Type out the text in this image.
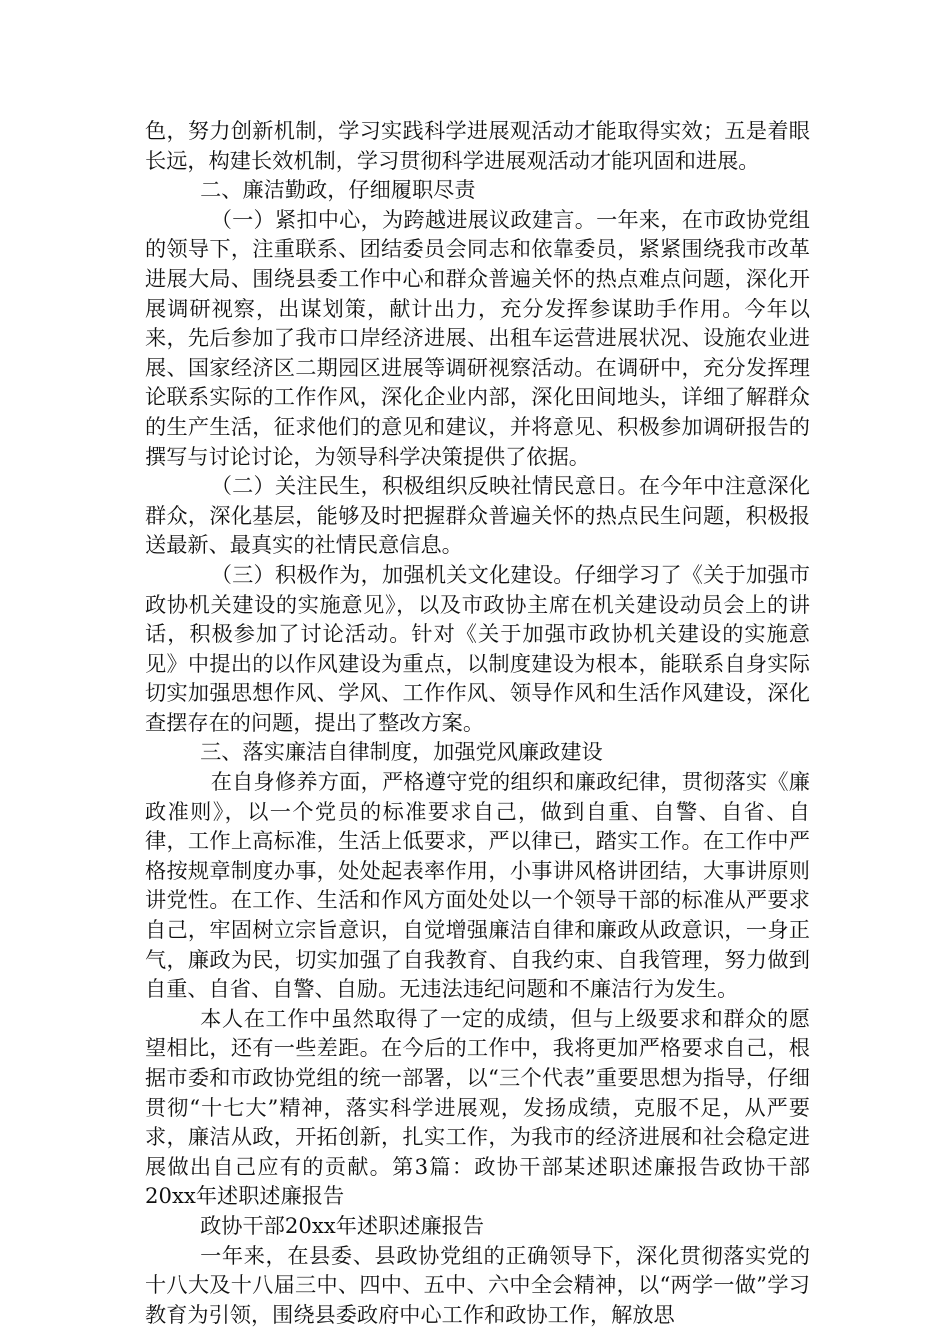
色，努力创新机制，学习实践科学进展观活动才能取得实效；五是着眼长远，构建长效机制，学习贯彻科学进展观活动才能巩固和进展。

二、廉洁勤政，仔细履职尽责

（一）紧扣中心，为跨越进展议政建言。一年来，在市政协党组的领导下，注重联系、团结委员会同志和依靠委员，紧紧围绕我市改革进展大局、围绕县委工作中心和群众普遍关怀的热点难点问题，深化开展调研视察，出谋划策，献计出力，充分发挥参谋助手作用。今年以来，先后参加了我市口岸经济进展、出租车运营进展状况、设施农业进展、国家经济区二期园区进展等调研视察活动。在调研中，充分发挥理论联系实际的工作作风，深化企业内部，深化田间地头，详细了解群众的生产生活，征求他们的意见和建议，并将意见、积极参加调研报告的撰写与讨论讨论，为领导科学决策提供了依据。

（二）关注民生，积极组织反映社情民意日。在今年中注意深化群众，深化基层，能够及时把握群众普遍关怀的热点民生问题，积极报送最新、最真实的社情民意信息。

（三）积极作为，加强机关文化建设。仔细学习了《关于加强市政协机关建设的实施意见》，以及市政协主席在机关建设动员会上的讲话，积极参加了讨论活动。针对《关于加强市政协机关建设的实施意见》中提出的以作风建设为重点，以制度建设为根本，能联系自身实际切实加强思想作风、学风、工作作风、领导作风和生活作风建设，深化查摆存在的问题，提出了整改方案。

三、落实廉洁自律制度，加强党风廉政建设

在自身修养方面，严格遵守党的组织和廉政纪律，贯彻落实《廉政准则》，以一个党员的标准要求自己，做到自重、自警、自省、自律，工作上高标准，生活上低要求，严以律已，踏实工作。在工作中严格按规章制度办事，处处起表率作用，小事讲风格讲团结，大事讲原则讲党性。在工作、生活和作风方面处处以一个领导干部的标准从严要求自己，牢固树立宗旨意识，自觉增强廉洁自律和廉政从政意识，一身正气，廉政为民，切实加强了自我教育、自我约束、自我管理，努力做到自重、自省、自警、自励。无违法违纪问题和不廉洁行为发生。

本人在工作中虽然取得了一定的成绩，但与上级要求和群众的愿望相比，还有一些差距。在今后的工作中，我将更加严格要求自己，根据市委和市政协党组的统一部署，以“三个代表”重要思想为指导，仔细贯彻“十七大”精神，落实科学进展观，发扬成绩，克服不足，从严要求，廉洁从政，开拓创新，扎实工作，为我市的经济进展和社会稳定进展做出自己应有的贡献。第3篇：政协干部某述职述廉报告政协干部20xx年述职述廉报告

政协干部20xx年述职述廉报告

一年来，在县委、县政协党组的正确领导下，深化贯彻落实党的十八大及十八届三中、四中、五中、六中全会精神，以“两学一做”学习教育为引领，围绕县委政府中心工作和政协工作，解放思
